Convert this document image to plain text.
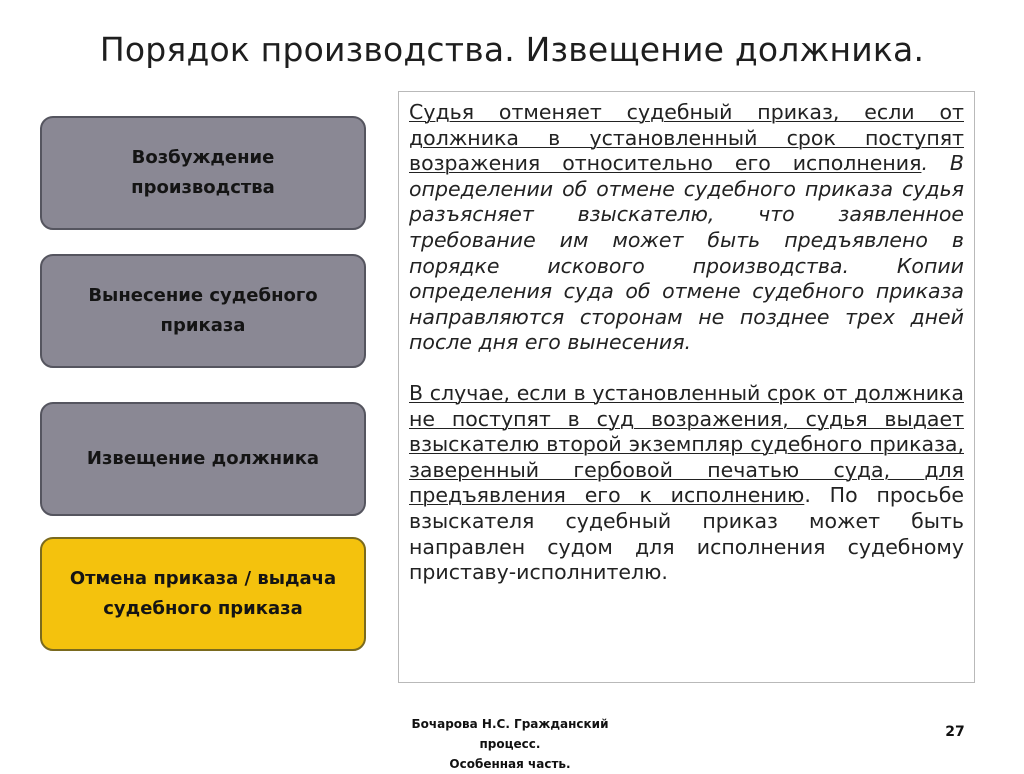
Порядок производства. Извещение должника.
Возбуждение производства
Вынесение судебного приказа
Извещение должника
Отмена приказа / выдача судебного приказа

Судья отменяет судебный приказ, если от должника в установленный срок поступят возражения относительно его исполнения. В определении об отмене судебного приказа судья разъясняет взыскателю, что заявленное требование им может быть предъявлено в порядке искового производства. Копии определения суда об отмене судебного приказа направляются сторонам не позднее трех дней после дня его вынесения.

В случае, если в установленный срок от должника не поступят в суд возражения, судья выдает взыскателю второй экземпляр судебного приказа, заверенный гербовой печатью суда, для предъявления его к исполнению. По просьбе взыскателя судебный приказ может быть направлен судом для исполнения судебному приставу-исполнителю.

Бочарова Н.С. Гражданский процесс.
Особенная часть.
27
